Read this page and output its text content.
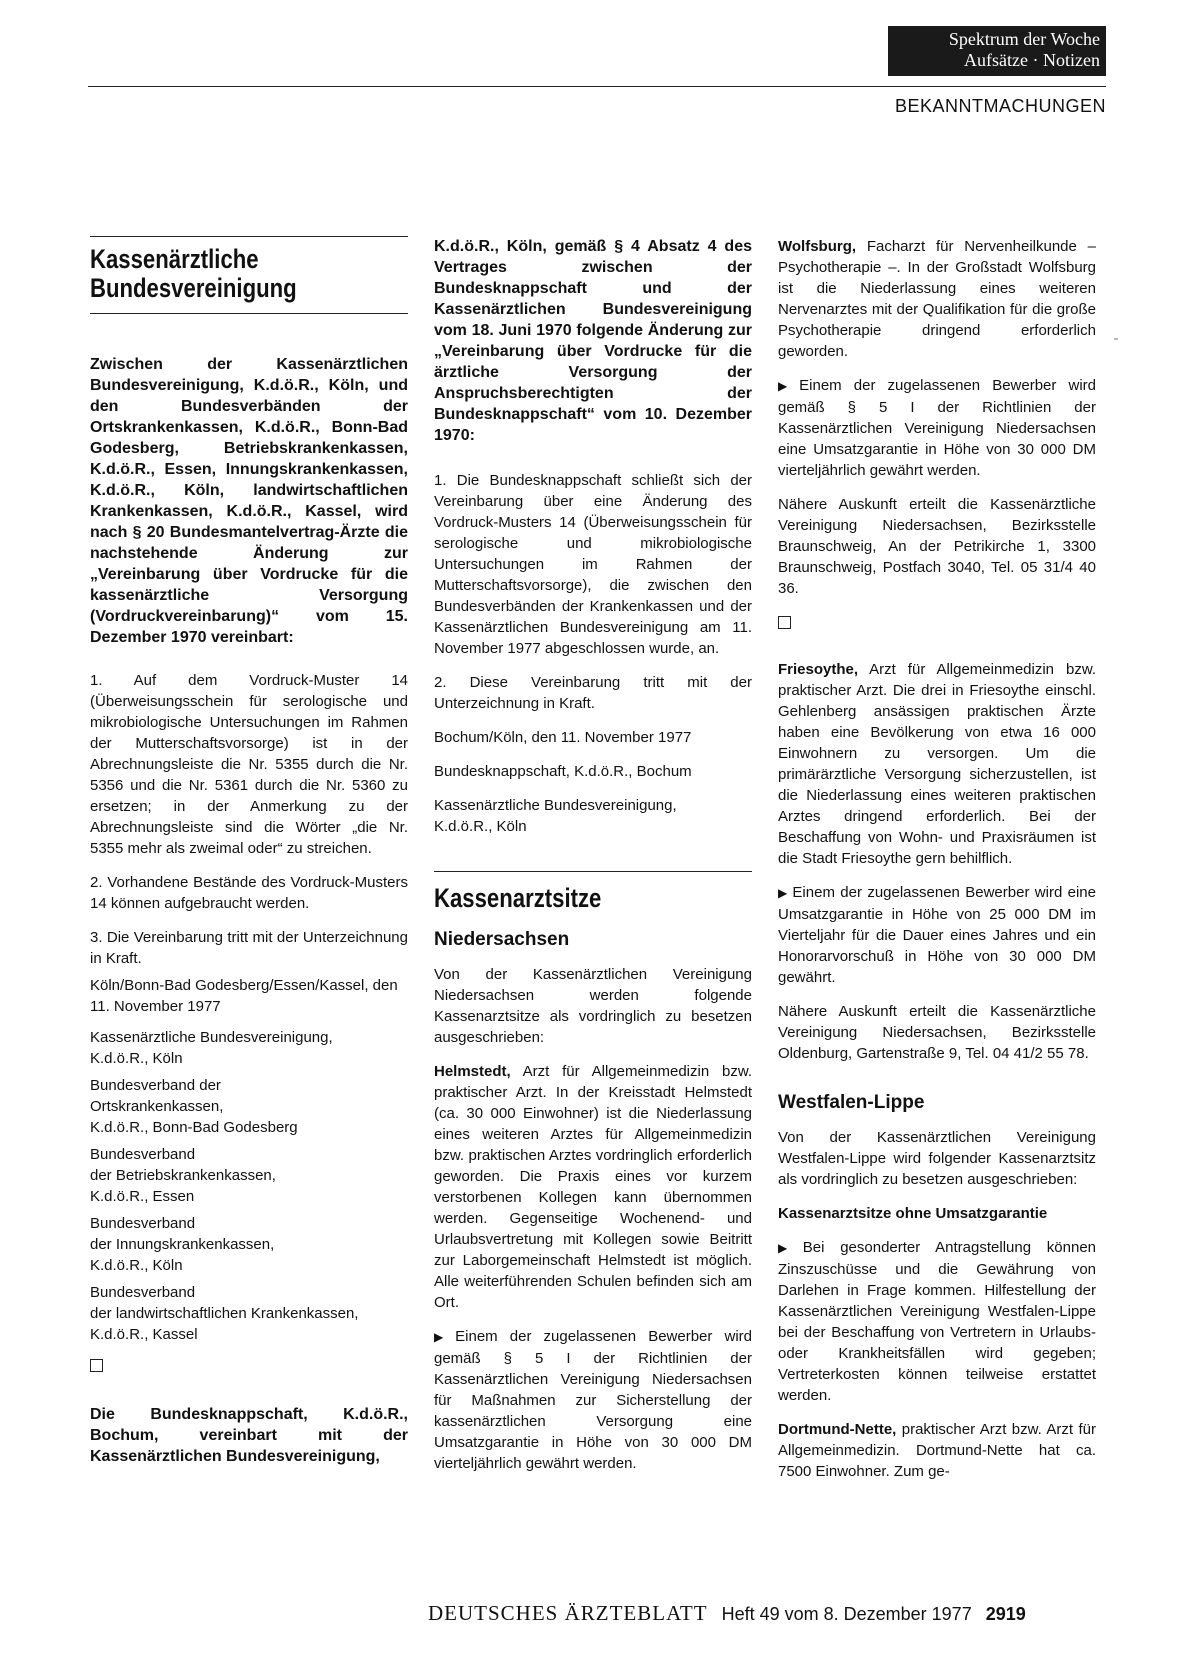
Spektrum der Woche
Aufsätze · Notizen
BEKANNTMACHUNGEN
Kassenärztliche
Bundesvereinigung

Zwischen der Kassenärztlichen Bundesvereinigung, K.d.ö.R., Köln, und den Bundesverbänden der Ortskrankenkassen, K.d.ö.R., Bonn-Bad Godesberg, Betriebskrankenkassen, K.d.ö.R., Essen, Innungskrankenkassen, K.d.ö.R., Köln, landwirtschaftlichen Krankenkassen, K.d.ö.R., Kassel, wird nach § 20 Bundesmantelvertrag-Ärzte die nachstehende Änderung zur „Vereinbarung über Vordrucke für die kassenärztliche Versorgung (Vordruckvereinbarung)“ vom 15. Dezember 1970 vereinbart:

1. Auf dem Vordruck-Muster 14 (Überweisungsschein für serologische und mikrobiologische Untersuchungen im Rahmen der Mutterschaftsvorsorge) ist in der Abrechnungsleiste die Nr. 5355 durch die Nr. 5356 und die Nr. 5361 durch die Nr. 5360 zu ersetzen; in der Anmerkung zu der Abrechnungsleiste sind die Wörter „die Nr. 5355 mehr als zweimal oder“ zu streichen.

2. Vorhandene Bestände des Vordruck-Musters 14 können aufgebraucht werden.

3. Die Vereinbarung tritt mit der Unterzeichnung in Kraft.

Köln/Bonn-Bad Godesberg/Essen/Kassel, den 11. November 1977

Kassenärztliche Bundesvereinigung,
K.d.ö.R., Köln

Bundesverband der
Ortskrankenkassen,
K.d.ö.R., Bonn-Bad Godesberg

Bundesverband
der Betriebskrankenkassen,
K.d.ö.R., Essen

Bundesverband
der Innungskrankenkassen,
K.d.ö.R., Köln

Bundesverband
der landwirtschaftlichen Krankenkassen,
K.d.ö.R., Kassel

Die Bundesknappschaft, K.d.ö.R., Bochum, vereinbart mit der Kassenärztlichen Bundesvereinigung,

K.d.ö.R., Köln, gemäß § 4 Absatz 4 des Vertrages zwischen der Bundesknappschaft und der Kassenärztlichen Bundesvereinigung vom 18. Juni 1970 folgende Änderung zur „Vereinbarung über Vordrucke für die ärztliche Versorgung der Anspruchsberechtigten der Bundesknappschaft“ vom 10. Dezember 1970:

1. Die Bundesknappschaft schließt sich der Vereinbarung über eine Änderung des Vordruck-Musters 14 (Überweisungsschein für serologische und mikrobiologische Untersuchungen im Rahmen der Mutterschaftsvorsorge), die zwischen den Bundesverbänden der Krankenkassen und der Kassenärztlichen Bundesvereinigung am 11. November 1977 abgeschlossen wurde, an.

2. Diese Vereinbarung tritt mit der Unterzeichnung in Kraft.

Bochum/Köln, den 11. November 1977

Bundesknappschaft, K.d.ö.R., Bochum

Kassenärztliche Bundesvereinigung,
K.d.ö.R., Köln

Kassenarztsitze
Niedersachsen

Von der Kassenärztlichen Vereinigung Niedersachsen werden folgende Kassenarztsitze als vordringlich zu besetzen ausgeschrieben:

Helmstedt, Arzt für Allgemeinmedizin bzw. praktischer Arzt. In der Kreisstadt Helmstedt (ca. 30 000 Einwohner) ist die Niederlassung eines weiteren Arztes für Allgemeinmedizin bzw. praktischen Arztes vordringlich erforderlich geworden. Die Praxis eines vor kurzem verstorbenen Kollegen kann übernommen werden. Gegenseitige Wochenend- und Urlaubsvertretung mit Kollegen sowie Beitritt zur Laborgemeinschaft Helmstedt ist möglich. Alle weiterführenden Schulen befinden sich am Ort.

▶ Einem der zugelassenen Bewerber wird gemäß § 5 I der Richtlinien der Kassenärztlichen Vereinigung Niedersachsen für Maßnahmen zur Sicherstellung der kassenärztlichen Versorgung eine Umsatzgarantie in Höhe von 30 000 DM vierteljährlich gewährt werden.

Wolfsburg, Facharzt für Nervenheilkunde – Psychotherapie –. In der Großstadt Wolfsburg ist die Niederlassung eines weiteren Nervenarztes mit der Qualifikation für die große Psychotherapie dringend erforderlich geworden.

▶ Einem der zugelassenen Bewerber wird gemäß § 5 I der Richtlinien der Kassenärztlichen Vereinigung Niedersachsen eine Umsatzgarantie in Höhe von 30 000 DM vierteljährlich gewährt werden.

Nähere Auskunft erteilt die Kassenärztliche Vereinigung Niedersachsen, Bezirksstelle Braunschweig, An der Petrikirche 1, 3300 Braunschweig, Postfach 3040, Tel. 05 31/4 40 36.

Friesoythe, Arzt für Allgemeinmedizin bzw. praktischer Arzt. Die drei in Friesoythe einschl. Gehlenberg ansässigen praktischen Ärzte haben eine Bevölkerung von etwa 16 000 Einwohnern zu versorgen. Um die primärärztliche Versorgung sicherzustellen, ist die Niederlassung eines weiteren praktischen Arztes dringend erforderlich. Bei der Beschaffung von Wohn- und Praxisräumen ist die Stadt Friesoythe gern behilflich.

▶ Einem der zugelassenen Bewerber wird eine Umsatzgarantie in Höhe von 25 000 DM im Vierteljahr für die Dauer eines Jahres und ein Honorarvorschuß in Höhe von 30 000 DM gewährt.

Nähere Auskunft erteilt die Kassenärztliche Vereinigung Niedersachsen, Bezirksstelle Oldenburg, Gartenstraße 9, Tel. 04 41/2 55 78.

Westfalen-Lippe

Von der Kassenärztlichen Vereinigung Westfalen-Lippe wird folgender Kassenarztsitz als vordringlich zu besetzen ausgeschrieben:

Kassenarztsitze ohne Umsatzgarantie

▶ Bei gesonderter Antragstellung können Zinszuschüsse und die Gewährung von Darlehen in Frage kommen. Hilfestellung der Kassenärztlichen Vereinigung Westfalen-Lippe bei der Beschaffung von Vertretern in Urlaubs- oder Krankheitsfällen wird gegeben; Vertreterkosten können teilweise erstattet werden.

Dortmund-Nette, praktischer Arzt bzw. Arzt für Allgemeinmedizin. Dortmund-Nette hat ca. 7500 Einwohner. Zum ge-

DEUTSCHES ÄRZTEBLATT Heft 49 vom 8. Dezember 1977 2919
